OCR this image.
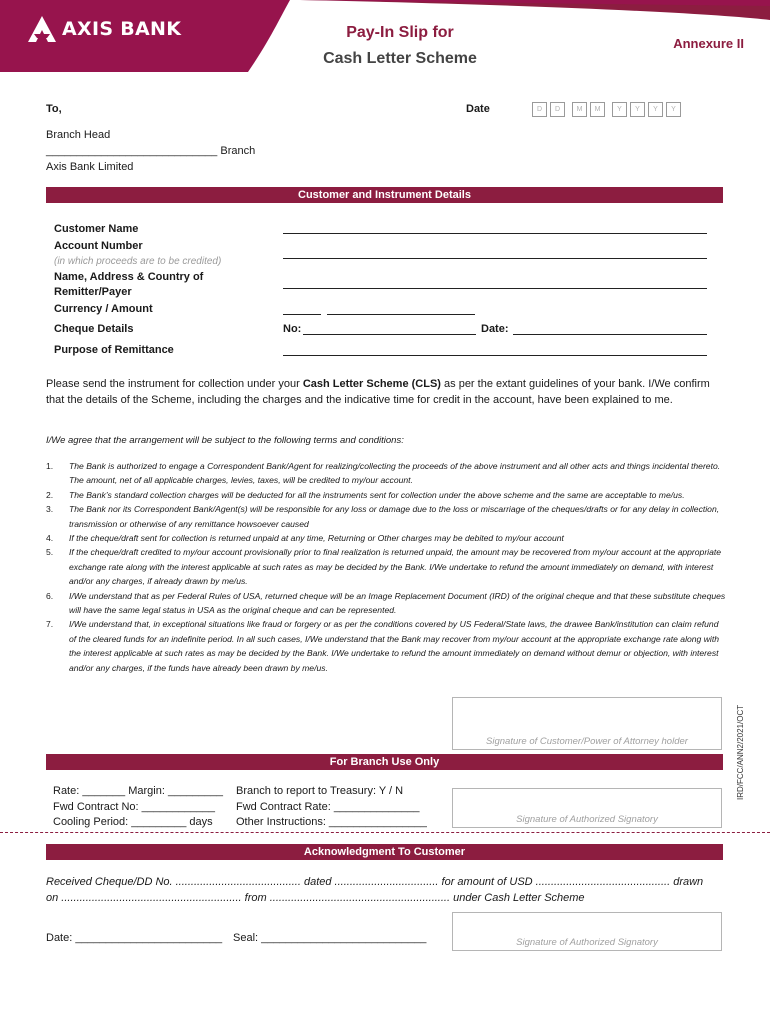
AXIS BANK	Pay-In Slip for
Cash Letter Scheme
Annexure II
To,	Date	D	D	M	M	Y	Y	Y	Y
Branch Head
____________________________ Branch
Axis Bank Limited
Customer and Instrument Details
Customer Name
Account Number
(in which proceeds are to be credited)
Name, Address & Country of
Remitter/Payer
Currency / Amount
Cheque Details	No:	Date:
Purpose of Remittance
Please send the instrument for collection under your Cash Letter Scheme (CLS) as per the extant guidelines of your bank. I/We confirm that the details of the Scheme, including the charges and the indicative time for credit in the account, have been explained to me.
I/We agree that the arrangement will be subject to the following terms and conditions:
1.	The Bank is authorized to engage a Correspondent Bank/Agent for realizing/collecting the proceeds of the above instrument and all other acts and things incidental thereto. The amount, net of all applicable charges, levies, taxes, will be credited to my/our account.
2.	The Bank’s standard collection charges will be deducted for all the instruments sent for collection under the above scheme and the same are acceptable to me/us.
3.	The Bank nor its Correspondent Bank/Agent(s) will be responsible for any loss or damage due to the loss or miscarriage of the cheques/drafts or for any delay in collection, transmission or otherwise of any remittance howsoever caused
4.	If the cheque/draft sent for collection is returned unpaid at any time, Returning or Other charges may be debited to my/our account
5.	If the cheque/draft credited to my/our account provisionally prior to final realization is returned unpaid, the amount may be recovered from my/our account at the appropriate exchange rate along with the interest applicable at such rates as may be decided by the Bank. I/We undertake to refund the amount immediately on demand, with interest and/or any charges, if already drawn by me/us.
6.	I/We understand that as per Federal Rules of USA, returned cheque will be an Image Replacement Document (IRD) of the original cheque and that these substitute cheques will have the same legal status in USA as the original cheque and can be represented.
7.	I/We understand that, in exceptional situations like fraud or forgery or as per the conditions covered by US Federal/State laws, the drawee Bank/institution can claim refund of the cleared funds for an indefinite period. In all such cases, I/We understand that the Bank may recover from my/our account at the appropriate exchange rate along with the interest applicable at such rates as may be decided by the Bank. I/We undertake to refund the amount immediately on demand without demur or objection, with interest and/or any charges, if the funds have already been drawn by me/us.
Signature of Customer/Power of Attorney holder	IRD/FCC/ANN2/2021/OCT
For Branch Use Only
Rate: _______ Margin: _________
Fwd Contract No: ____________
Cooling Period: _________ days
Branch to report to Treasury: Y / N
Fwd Contract Rate: ______________
Other Instructions: ________________	Signature of Authorized Signatory
Acknowledgment To Customer
Received Cheque/DD No. ......................................... dated .................................. for amount of USD ............................................ drawn
on ........................................................... from ........................................................... under Cash Letter Scheme
Date: ________________________ Seal: ___________________________	Signature of Authorized Signatory
